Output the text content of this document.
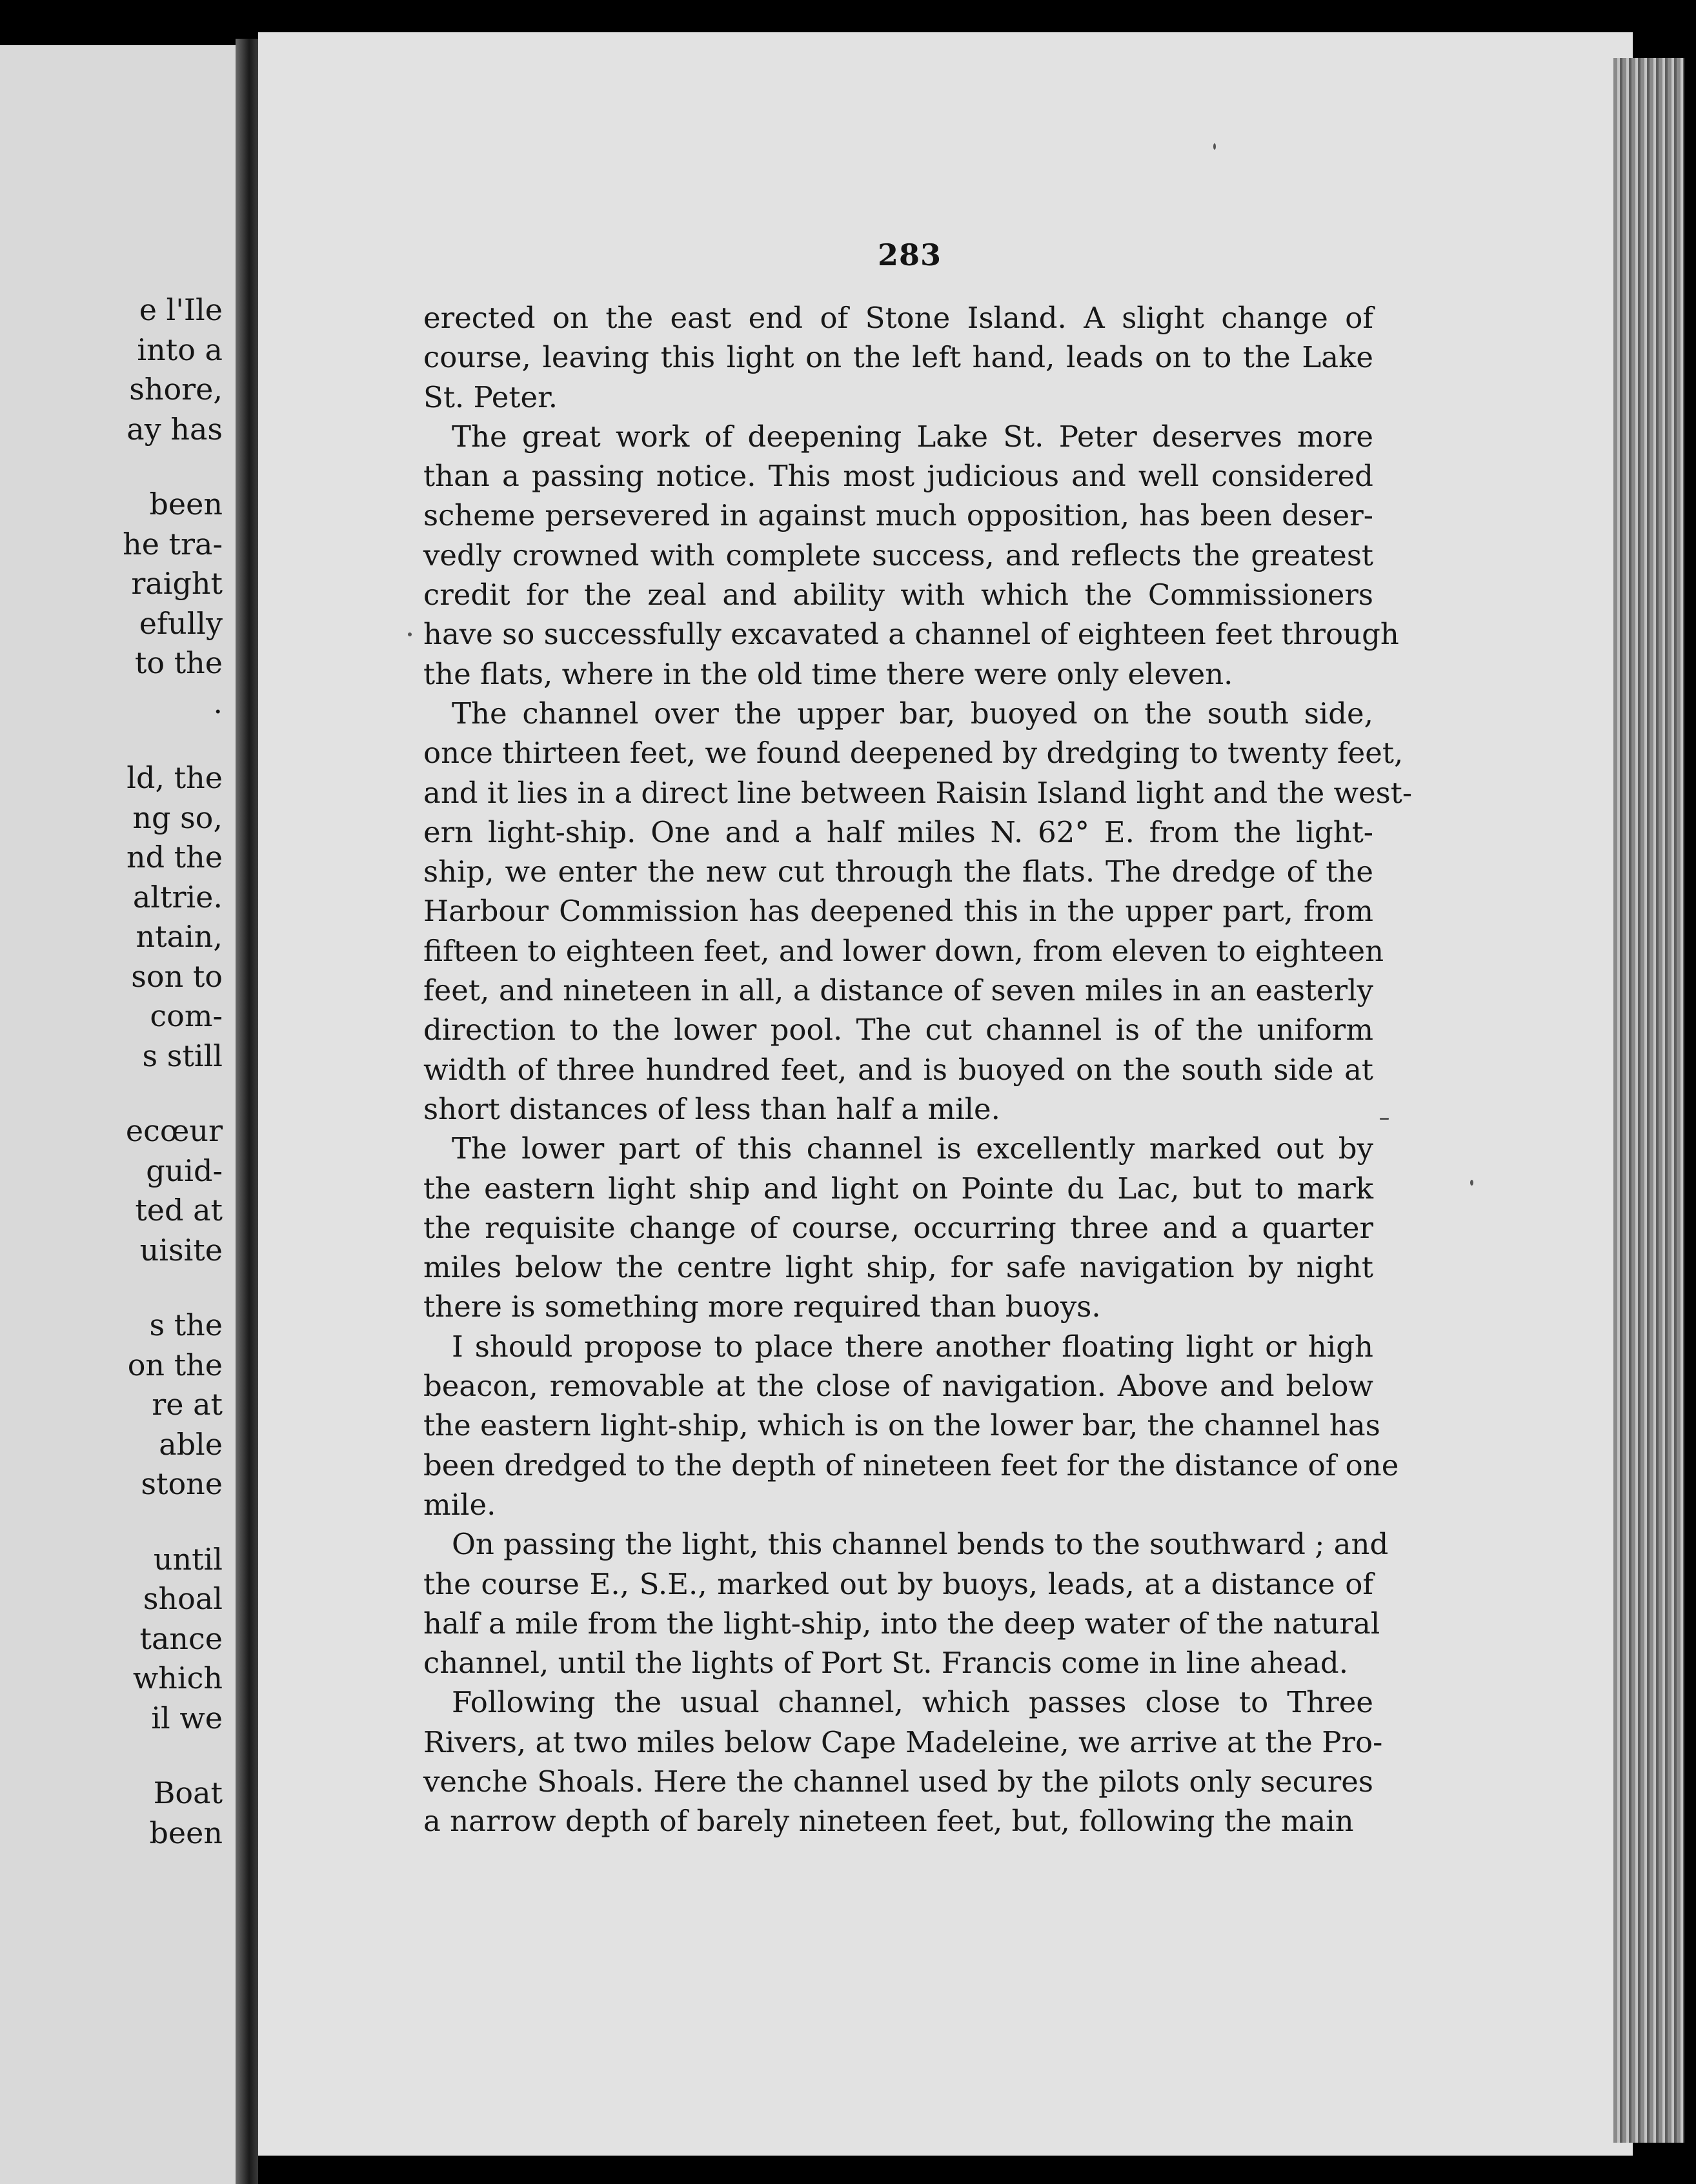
e l'Ile
into a
shore,
ay has
been
he tra-
raight
efully
to the
.
ld, the
ng so,
nd the
altrie.
ntain,
son to
com-
s still
ecœur
guid-
ted at
uisite
s the
on the
re at
able
stone
until
shoal
tance
which
il we
Boat
been
283
erected on the east end of Stone Island. A slight change of
course, leaving this light on the left hand, leads on to the Lake
St. Peter.
The great work of deepening Lake St. Peter deserves more
than a passing notice. This most judicious and well considered
scheme persevered in against much opposition, has been deser-
vedly crowned with complete success, and reflects the greatest
credit for the zeal and ability with which the Commissioners
have so successfully excavated a channel of eighteen feet through
the flats, where in the old time there were only eleven.
The channel over the upper bar, buoyed on the south side,
once thirteen feet, we found deepened by dredging to twenty feet,
and it lies in a direct line between Raisin Island light and the west-
ern light-ship. One and a half miles N. 62° E. from the light-
ship, we enter the new cut through the flats. The dredge of the
Harbour Commission has deepened this in the upper part, from
fifteen to eighteen feet, and lower down, from eleven to eighteen
feet, and nineteen in all, a distance of seven miles in an easterly
direction to the lower pool. The cut channel is of the uniform
width of three hundred feet, and is buoyed on the south side at
short distances of less than half a mile.
The lower part of this channel is excellently marked out by
the eastern light ship and light on Pointe du Lac, but to mark
the requisite change of course, occurring three and a quarter
miles below the centre light ship, for safe navigation by night
there is something more required than buoys.
I should propose to place there another floating light or high
beacon, removable at the close of navigation. Above and below
the eastern light-ship, which is on the lower bar, the channel has
been dredged to the depth of nineteen feet for the distance of one
mile.
On passing the light, this channel bends to the southward ; and
the course E., S.E., marked out by buoys, leads, at a distance of
half a mile from the light-ship, into the deep water of the natural
channel, until the lights of Port St. Francis come in line ahead.
Following the usual channel, which passes close to Three
Rivers, at two miles below Cape Madeleine, we arrive at the Pro-
venche Shoals. Here the channel used by the pilots only secures
a narrow depth of barely nineteen feet, but, following the main
